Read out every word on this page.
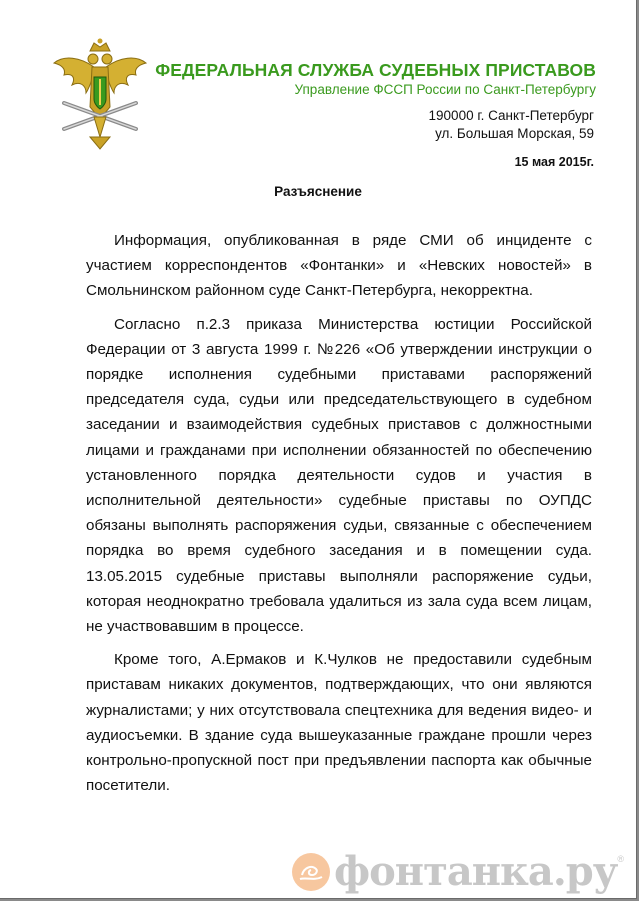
ФЕДЕРАЛЬНАЯ СЛУЖБА СУДЕБНЫХ ПРИСТАВОВ
Управление ФССП России по Санкт-Петербургу
190000 г. Санкт-Петербург
ул. Большая Морская, 59
15 мая 2015г.
Разъяснение

Информация, опубликованная в ряде СМИ об инциденте с участием корреспондентов «Фонтанки» и «Невских новостей» в Смольнинском районном суде Санкт-Петербурга, некорректна.

Согласно п.2.3 приказа Министерства юстиции Российской Федерации от 3 августа 1999 г. №226 «Об утверждении инструкции о порядке исполнения судебными приставами распоряжений председателя суда, судьи или председательствующего в судебном заседании и взаимодействия судебных приставов с должностными лицами и гражданами при исполнении обязанностей по обеспечению установленного порядка деятельности судов и участия в исполнительной деятельности» судебные приставы по ОУПДС обязаны выполнять распоряжения судьи, связанные с обеспечением порядка во время судебного заседания и в помещении суда. 13.05.2015 судебные приставы выполняли распоряжение судьи, которая неоднократно требовала удалиться из зала суда всем лицам, не участвовавшим в процессе.

Кроме того, А.Ермаков и К.Чулков не предоставили судебным приставам никаких документов, подтверждающих, что они являются журналистами; у них отсутствовала спецтехника для ведения видео- и аудиосъемки. В здание суда вышеуказанные граждане прошли через контрольно-пропускной пост при предъявлении паспорта как обычные посетители.

фонтанка.ру ®
